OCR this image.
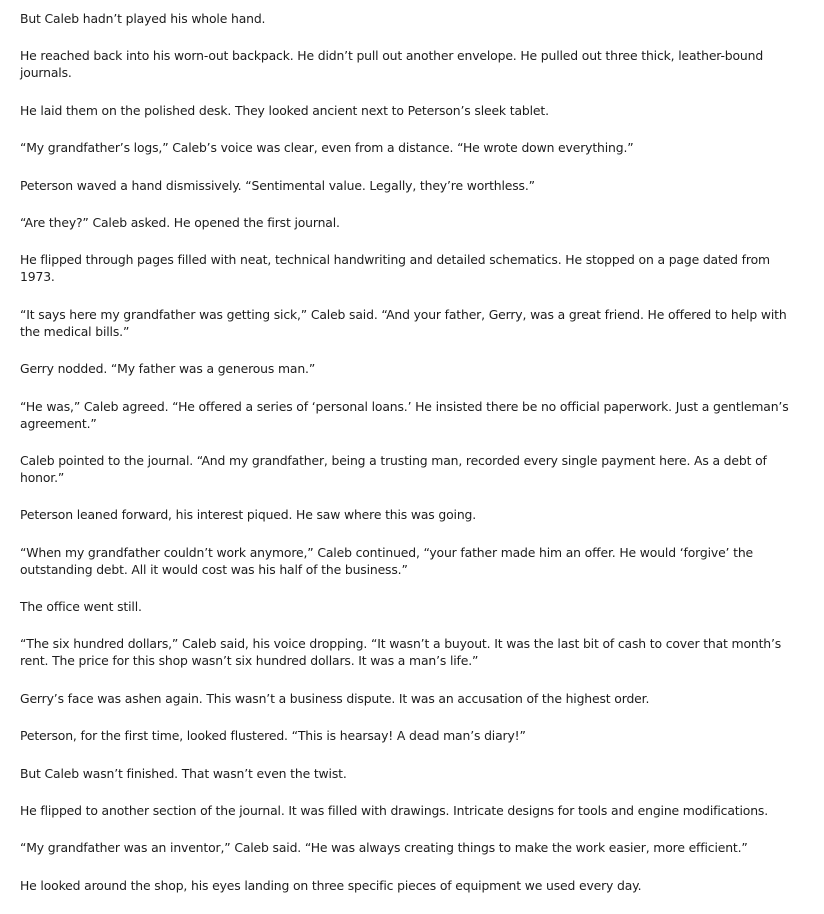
But Caleb hadn’t played his whole hand.

He reached back into his worn-out backpack. He didn’t pull out another envelope. He pulled out three thick, leather-bound journals.

He laid them on the polished desk. They looked ancient next to Peterson’s sleek tablet.

“My grandfather’s logs,” Caleb’s voice was clear, even from a distance. “He wrote down everything.”

Peterson waved a hand dismissively. “Sentimental value. Legally, they’re worthless.”

“Are they?” Caleb asked. He opened the first journal.

He flipped through pages filled with neat, technical handwriting and detailed schematics. He stopped on a page dated from 1973.

“It says here my grandfather was getting sick,” Caleb said. “And your father, Gerry, was a great friend. He offered to help with the medical bills.”

Gerry nodded. “My father was a generous man.”

“He was,” Caleb agreed. “He offered a series of ‘personal loans.’ He insisted there be no official paperwork. Just a gentleman’s agreement.”

Caleb pointed to the journal. “And my grandfather, being a trusting man, recorded every single payment here. As a debt of honor.”

Peterson leaned forward, his interest piqued. He saw where this was going.

“When my grandfather couldn’t work anymore,” Caleb continued, “your father made him an offer. He would ‘forgive’ the outstanding debt. All it would cost was his half of the business.”

The office went still.

“The six hundred dollars,” Caleb said, his voice dropping. “It wasn’t a buyout. It was the last bit of cash to cover that month’s rent. The price for this shop wasn’t six hundred dollars. It was a man’s life.”

Gerry’s face was ashen again. This wasn’t a business dispute. It was an accusation of the highest order.

Peterson, for the first time, looked flustered. “This is hearsay! A dead man’s diary!”

But Caleb wasn’t finished. That wasn’t even the twist.

He flipped to another section of the journal. It was filled with drawings. Intricate designs for tools and engine modifications.

“My grandfather was an inventor,” Caleb said. “He was always creating things to make the work easier, more efficient.”

He looked around the shop, his eyes landing on three specific pieces of equipment we used every day.
